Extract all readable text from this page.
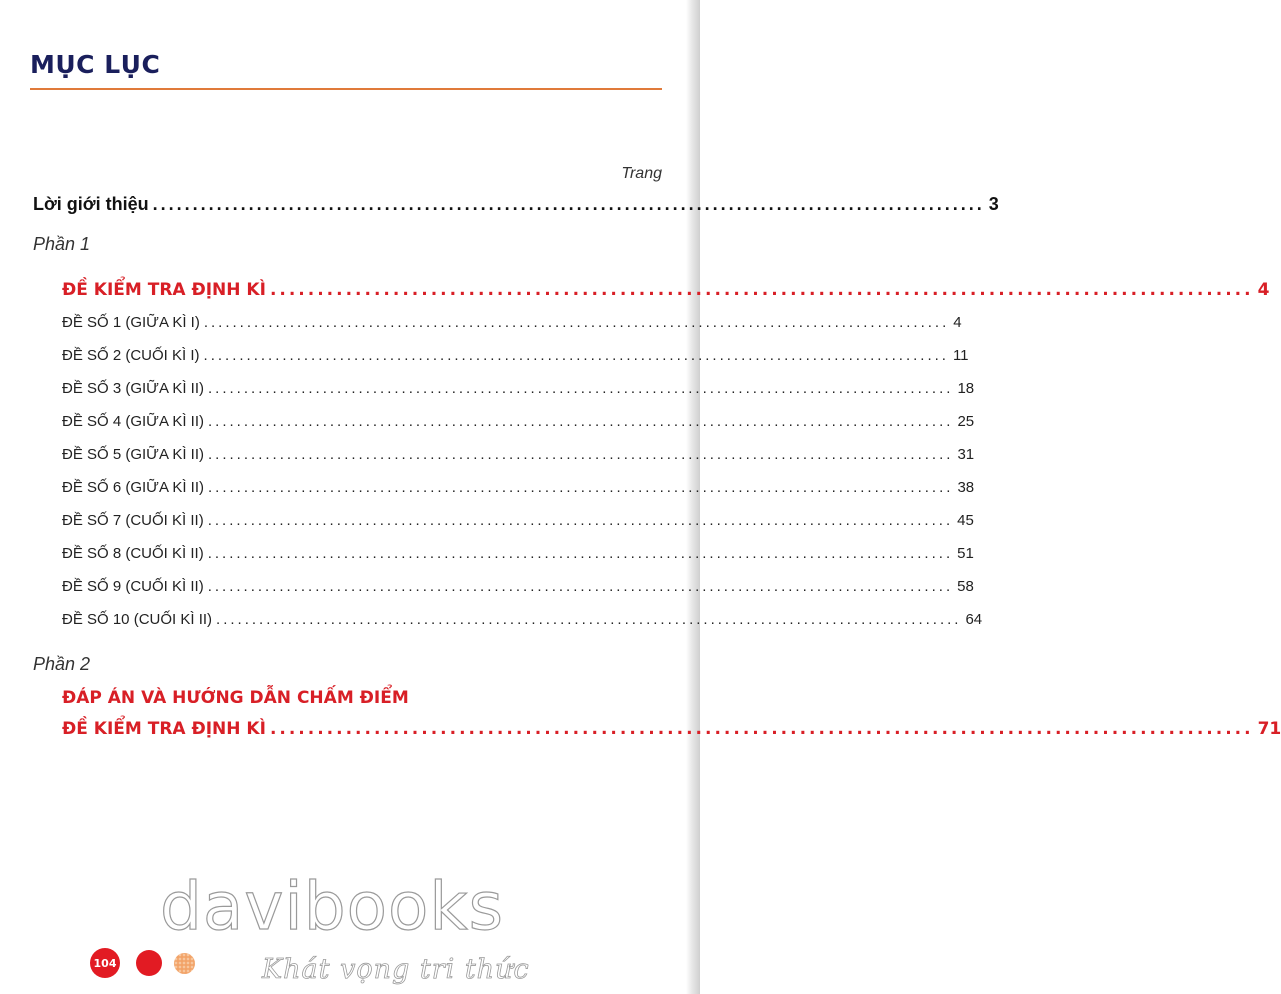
MỤC LỤC
Trang
Lời giới thiệu ........................................................................................................ 3
Phần 1
ĐỀ KIỂM TRA ĐỊNH KÌ ........................................................................................................ 4
ĐỀ SỐ 1 (GIỮA KÌ I) ........................................................................................................ 4
ĐỀ SỐ 2 (CUỐI KÌ I) ........................................................................................................ 11
ĐỀ SỐ 3 (GIỮA KÌ II) ........................................................................................................ 18
ĐỀ SỐ 4 (GIỮA KÌ II) ........................................................................................................ 25
ĐỀ SỐ 5 (GIỮA KÌ II) ........................................................................................................ 31
ĐỀ SỐ 6 (GIỮA KÌ II) ........................................................................................................ 38
ĐỀ SỐ 7 (CUỐI KÌ II) ........................................................................................................ 45
ĐỀ SỐ 8 (CUỐI KÌ II) ........................................................................................................ 51
ĐỀ SỐ 9 (CUỐI KÌ II) ........................................................................................................ 58
ĐỀ SỐ 10 (CUỐI KÌ II) ........................................................................................................ 64
Phần 2
ĐÁP ÁN VÀ HƯỚNG DẪN CHẤM ĐIỂM
ĐỀ KIỂM TRA ĐỊNH KÌ ........................................................................................................ 71
davibooks
Khát vọng tri thức
104
